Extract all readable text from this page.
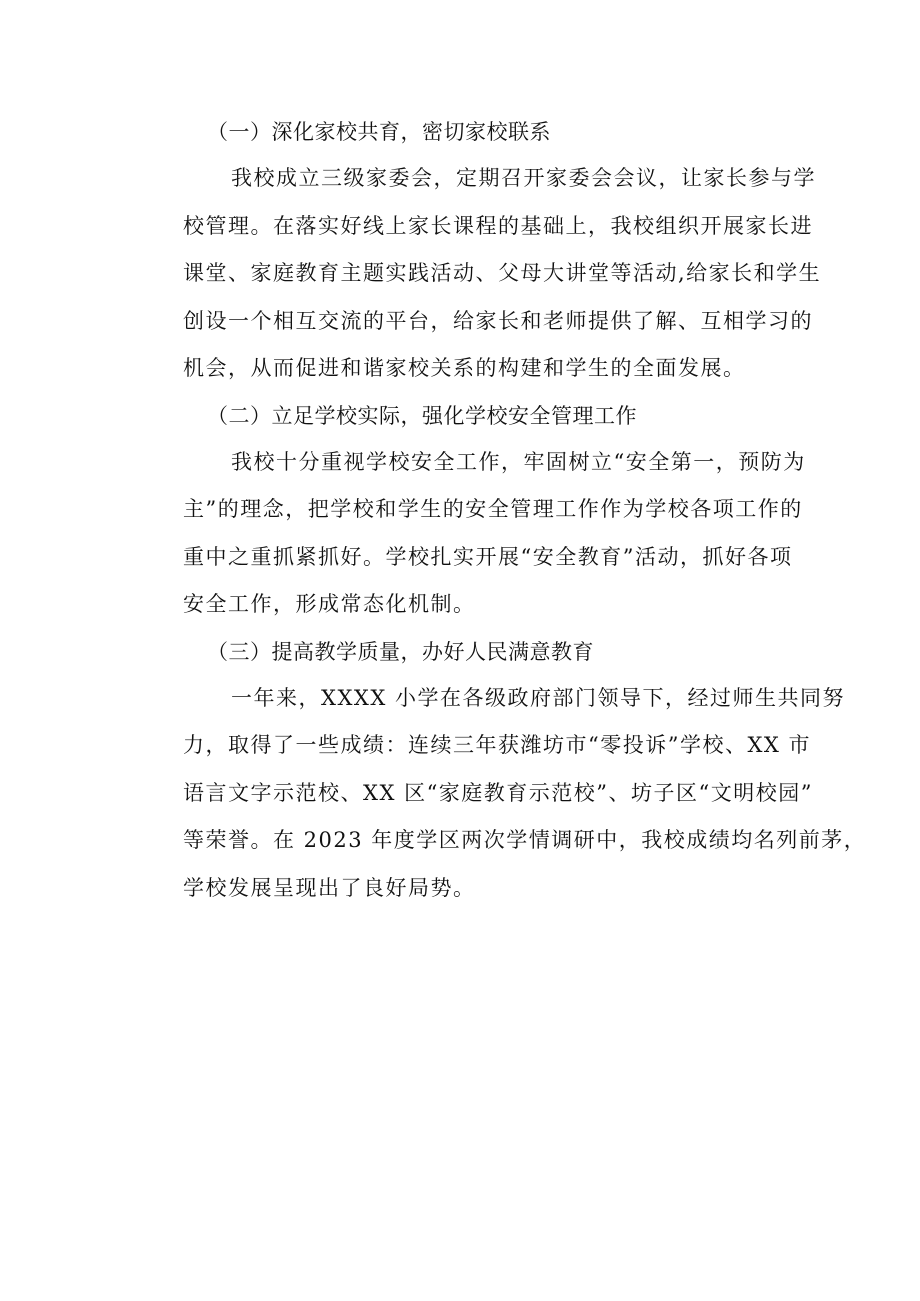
（一）深化家校共育，密切家校联系
我校成立三级家委会，定期召开家委会会议，让家长参与学
校管理。在落实好线上家长课程的基础上，我校组织开展家长进
课堂、家庭教育主题实践活动、父母大讲堂等活动,给家长和学生
创设一个相互交流的平台，给家长和老师提供了解、互相学习的
机会，从而促进和谐家校关系的构建和学生的全面发展。
（二）立足学校实际，强化学校安全管理工作
我校十分重视学校安全工作，牢固树立“安全第一，预防为
主”的理念，把学校和学生的安全管理工作作为学校各项工作的
重中之重抓紧抓好。学校扎实开展“安全教育”活动，抓好各项
安全工作，形成常态化机制。
（三）提高教学质量，办好人民满意教育
一年来，XXXX 小学在各级政府部门领导下，经过师生共同努
力，取得了一些成绩：连续三年获潍坊市“零投诉”学校、XX 市
语言文字示范校、XX 区“家庭教育示范校”、坊子区“文明校园”
等荣誉。在 2023 年度学区两次学情调研中，我校成绩均名列前茅，
学校发展呈现出了良好局势。
